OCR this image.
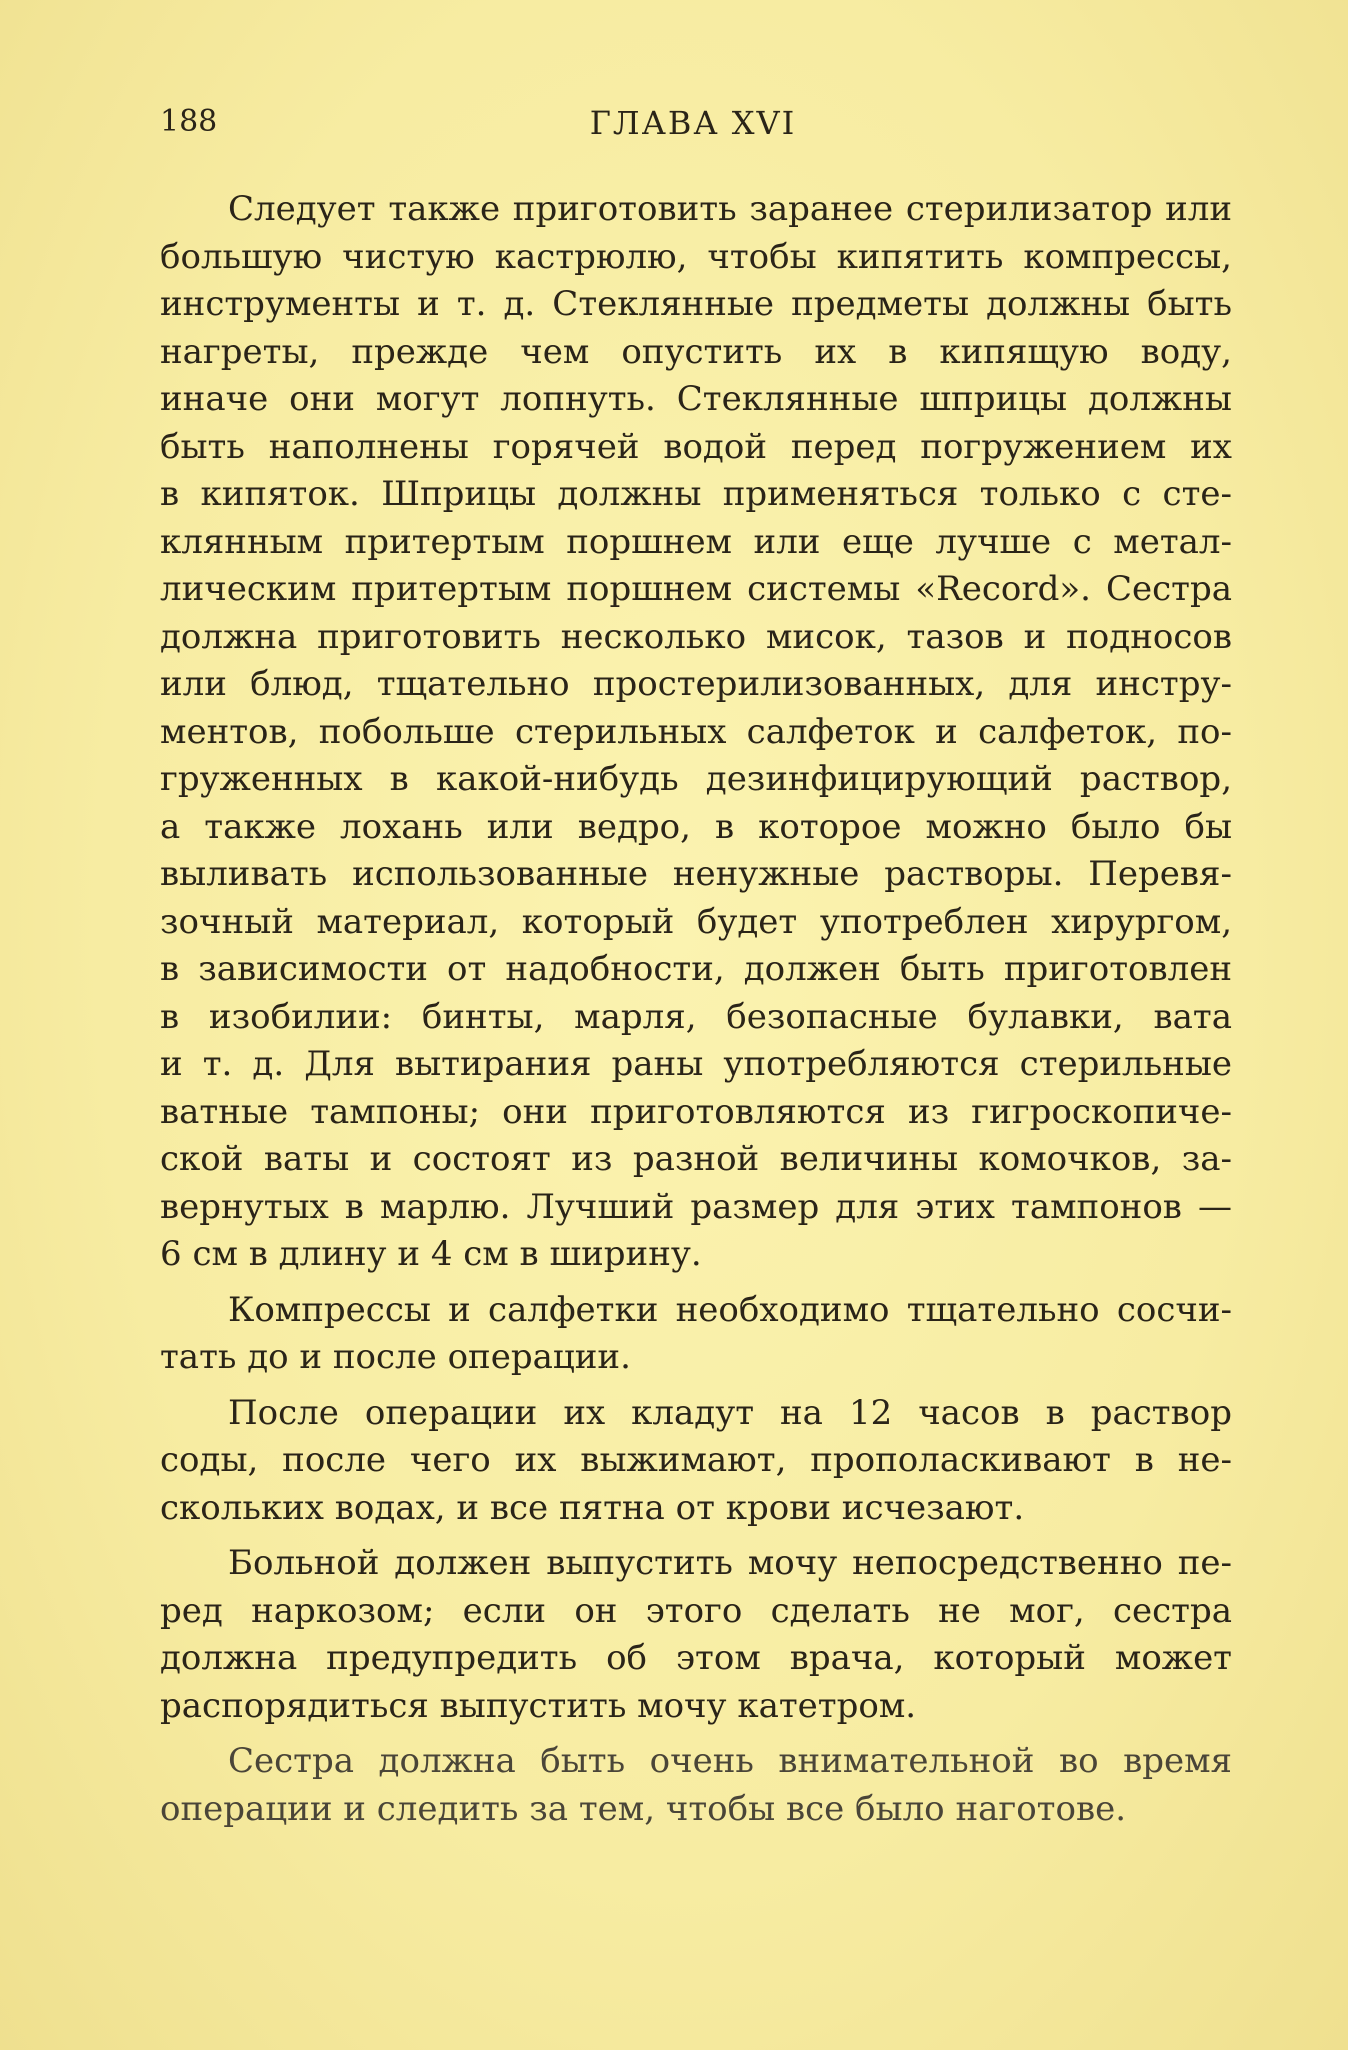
188	ГЛАВА XVI
Следует также приготовить заранее стерилизатор или
большую чистую кастрюлю, чтобы кипятить компрессы,
инструменты и т. д. Стеклянные предметы должны быть
нагреты, прежде чем опустить их в кипящую воду,
иначе они могут лопнуть. Стеклянные шприцы должны
быть наполнены горячей водой перед погружением их
в кипяток. Шприцы должны применяться только с сте-
клянным притертым поршнем или еще лучше с метал-
лическим притертым поршнем системы «Record». Сестра
должна приготовить несколько мисок, тазов и подносов
или блюд, тщательно простерилизованных, для инстру-
ментов, побольше стерильных салфеток и салфеток, по-
груженных в какой-нибудь дезинфицирующий раствор,
а также лохань или ведро, в которое можно было бы
выливать использованные ненужные растворы. Перевя-
зочный материал, который будет употреблен хирургом,
в зависимости от надобности, должен быть приготовлен
в изобилии: бинты, марля, безопасные булавки, вата
и т. д. Для вытирания раны употребляются стерильные
ватные тампоны; они приготовляются из гигроскопиче-
ской ваты и состоят из разной величины комочков, за-
вернутых в марлю. Лучший размер для этих тампонов —
6 см в длину и 4 см в ширину.
Компрессы и салфетки необходимо тщательно сосчи-
тать до и после операции.
После операции их кладут на 12 часов в раствор
соды, после чего их выжимают, прополаскивают в не-
скольких водах, и все пятна от крови исчезают.
Больной должен выпустить мочу непосредственно пе-
ред наркозом; если он этого сделать не мог, сестра
должна предупредить об этом врача, который может
распорядиться выпустить мочу катетром.
Сестра должна быть очень внимательной во время
операции и следить за тем, чтобы все было наготове.
